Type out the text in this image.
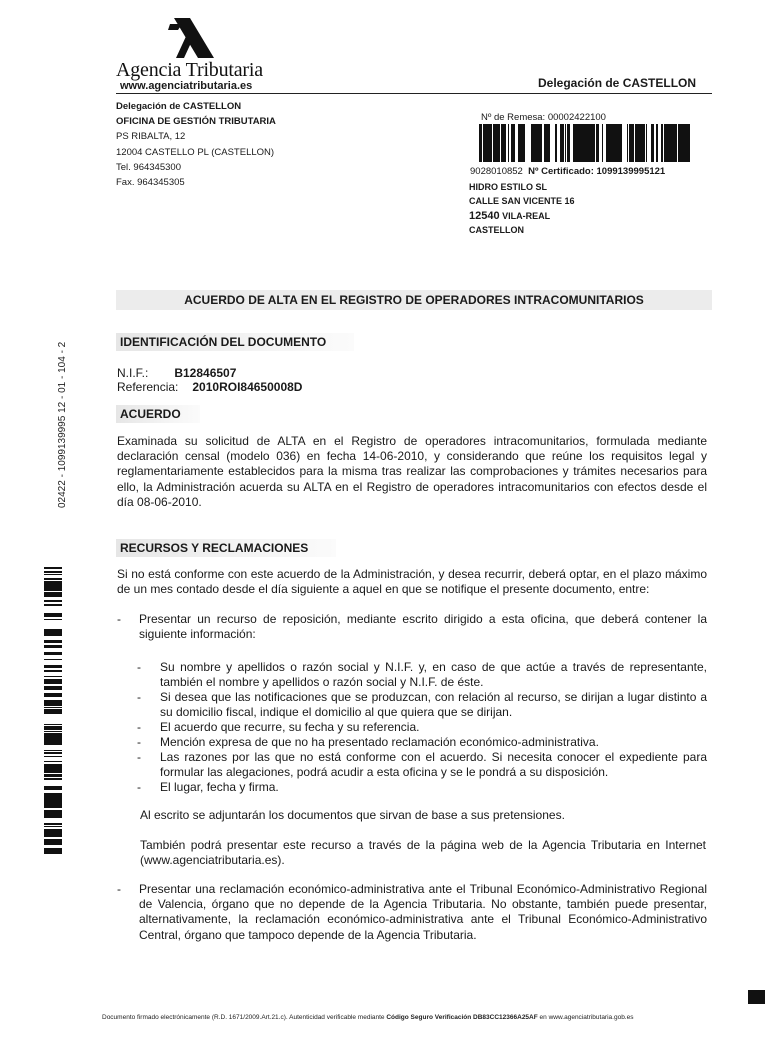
Agencia Tributaria
www.agenciatributaria.es	Delegación de CASTELLON
Delegación de CASTELLON
OFICINA DE GESTIÓN TRIBUTARIA
PS RIBALTA, 12
12004 CASTELLO PL (CASTELLON)
Tel. 964345300
Fax. 964345305
Nº de Remesa: 00002422100
9028010852 Nº Certificado: 1099139995121
HIDRO ESTILO SL
CALLE SAN VICENTE 16
12540 VILA-REAL
CASTELLON
ACUERDO DE ALTA EN EL REGISTRO DE OPERADORES INTRACOMUNITARIOS
02422 - 1099139995 12 - 01 - 104 - 2	IDENTIFICACIÓN DEL DOCUMENTO
N.I.F.: B12846507
Referencia: 2010ROI84650008D
ACUERDO
Examinada su solicitud de ALTA en el Registro de operadores intracomunitarios, formulada mediante declaración censal (modelo 036) en fecha 14-06-2010, y considerando que reúne los requisitos legal y reglamentariamente establecidos para la misma tras realizar las comprobaciones y trámites necesarios para ello, la Administración acuerda su ALTA en el Registro de operadores intracomunitarios con efectos desde el día 08-06-2010.
RECURSOS Y RECLAMACIONES
Si no está conforme con este acuerdo de la Administración, y desea recurrir, deberá optar, en el plazo máximo de un mes contado desde el día siguiente a aquel en que se notifique el presente documento, entre:
- Presentar un recurso de reposición, mediante escrito dirigido a esta oficina, que deberá contener la siguiente información:
- Su nombre y apellidos o razón social y N.I.F. y, en caso de que actúe a través de representante, también el nombre y apellidos o razón social y N.I.F. de éste.
- Si desea que las notificaciones que se produzcan, con relación al recurso, se dirijan a lugar distinto a su domicilio fiscal, indique el domicilio al que quiera que se dirijan.
- El acuerdo que recurre, su fecha y su referencia.
- Mención expresa de que no ha presentado reclamación económico-administrativa.
- Las razones por las que no está conforme con el acuerdo. Si necesita conocer el expediente para formular las alegaciones, podrá acudir a esta oficina y se le pondrá a su disposición.
- El lugar, fecha y firma.
Al escrito se adjuntarán los documentos que sirvan de base a sus pretensiones.
También podrá presentar este recurso a través de la página web de la Agencia Tributaria en Internet (www.agenciatributaria.es).
- Presentar una reclamación económico-administrativa ante el Tribunal Económico-Administrativo Regional de Valencia, órgano que no depende de la Agencia Tributaria. No obstante, también puede presentar, alternativamente, la reclamación económico-administrativa ante el Tribunal Económico-Administrativo Central, órgano que tampoco depende de la Agencia Tributaria.
Documento firmado electrónicamente (R.D. 1671/2009.Art.21.c). Autenticidad verificable mediante Código Seguro Verificación DB83CC12366A25AF en www.agenciatributaria.gob.es
